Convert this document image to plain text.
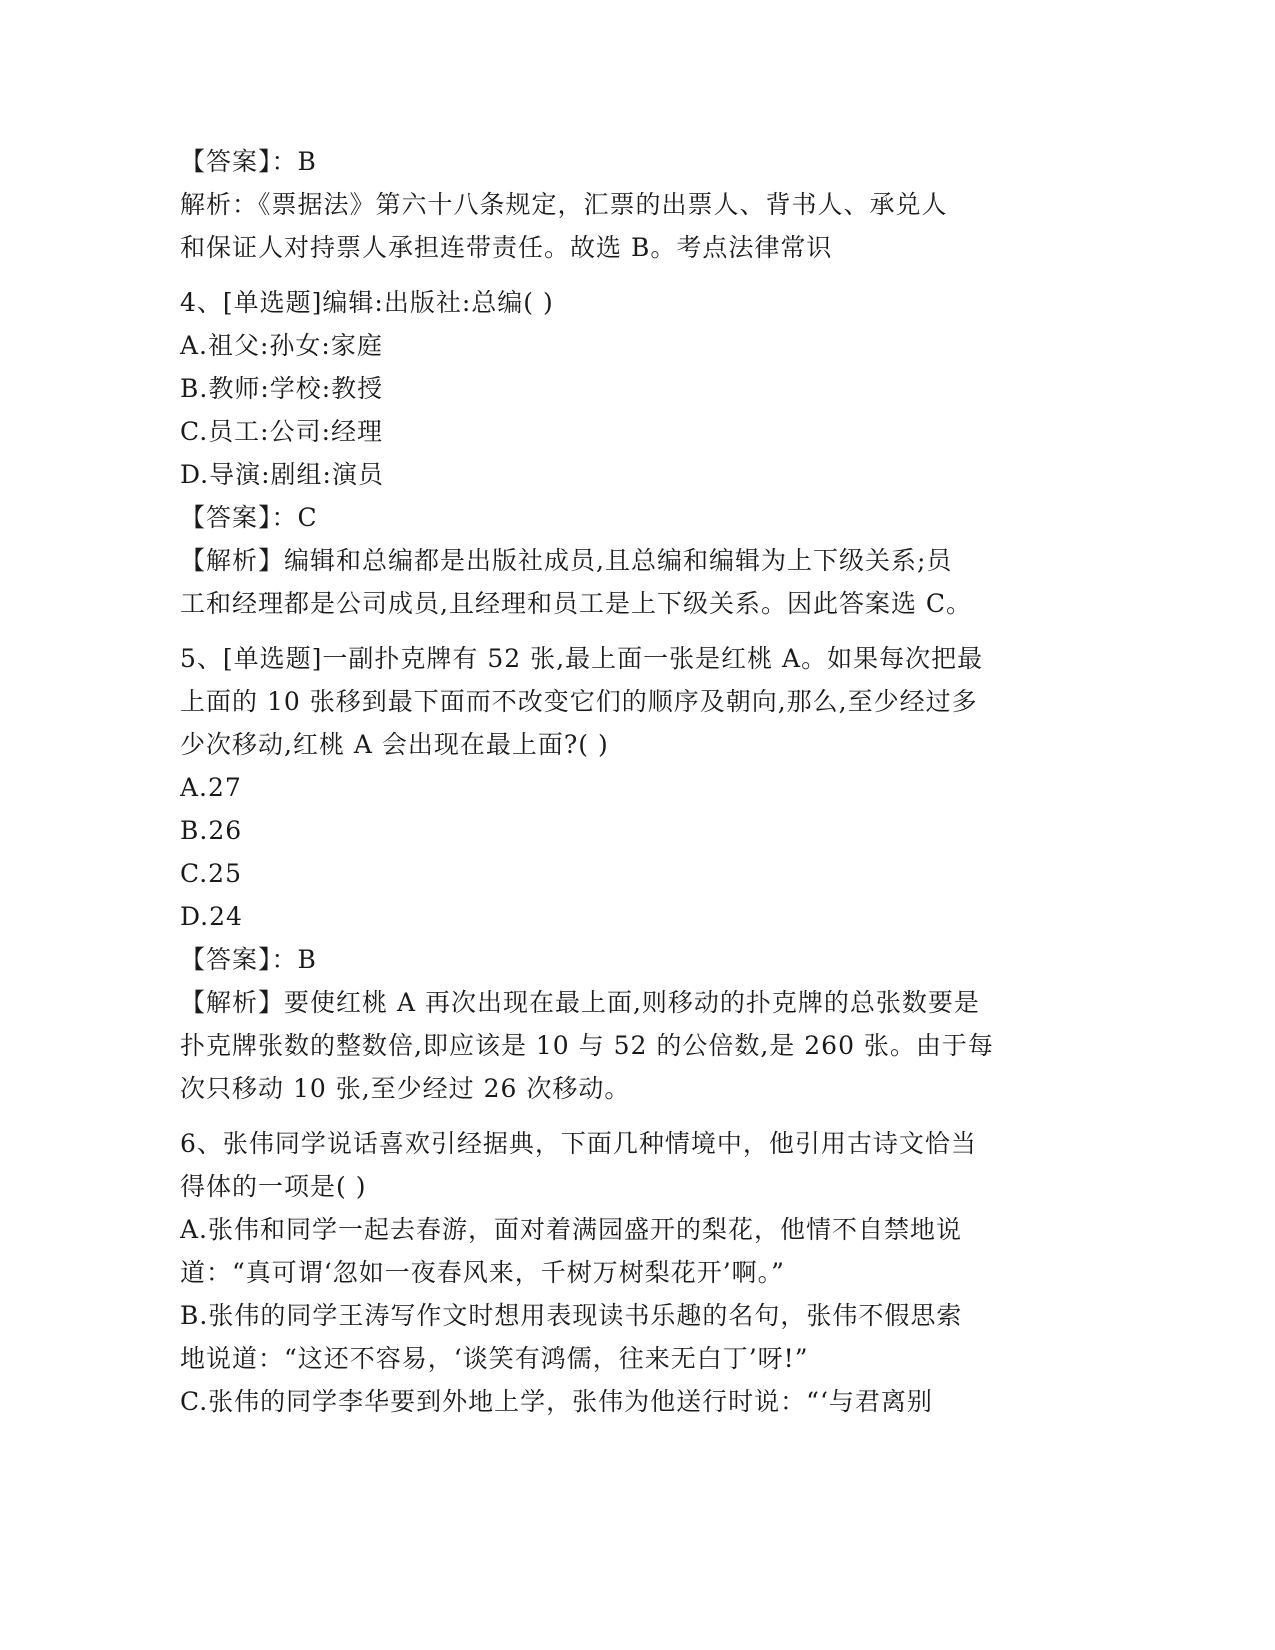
【答案】：B
解析：《票据法》第六十八条规定，汇票的出票人、背书人、承兑人
和保证人对持票人承担连带责任。故选 B。考点法律常识
4、[单选题]编辑:出版社:总编( )
A.祖父:孙女:家庭
B.教师:学校:教授
C.员工:公司:经理
D.导演:剧组:演员
【答案】：C
【解析】编辑和总编都是出版社成员,且总编和编辑为上下级关系;员
工和经理都是公司成员,且经理和员工是上下级关系。因此答案选 C。
5、[单选题]一副扑克牌有 52 张,最上面一张是红桃 A。如果每次把最
上面的 10 张移到最下面而不改变它们的顺序及朝向,那么,至少经过多
少次移动,红桃 A 会出现在最上面?( )
A.27
B.26
C.25
D.24
【答案】：B
【解析】要使红桃 A 再次出现在最上面,则移动的扑克牌的总张数要是
扑克牌张数的整数倍,即应该是 10 与 52 的公倍数,是 260 张。由于每
次只移动 10 张,至少经过 26 次移动。
6、张伟同学说话喜欢引经据典，下面几种情境中，他引用古诗文恰当
得体的一项是( )
A.张伟和同学一起去春游，面对着满园盛开的梨花，他情不自禁地说
道：“真可谓‘忽如一夜春风来，千树万树梨花开’啊。”
B.张伟的同学王涛写作文时想用表现读书乐趣的名句，张伟不假思索
地说道：“这还不容易，‘谈笑有鸿儒，往来无白丁’呀!”
C.张伟的同学李华要到外地上学，张伟为他送行时说：“‘与君离别
